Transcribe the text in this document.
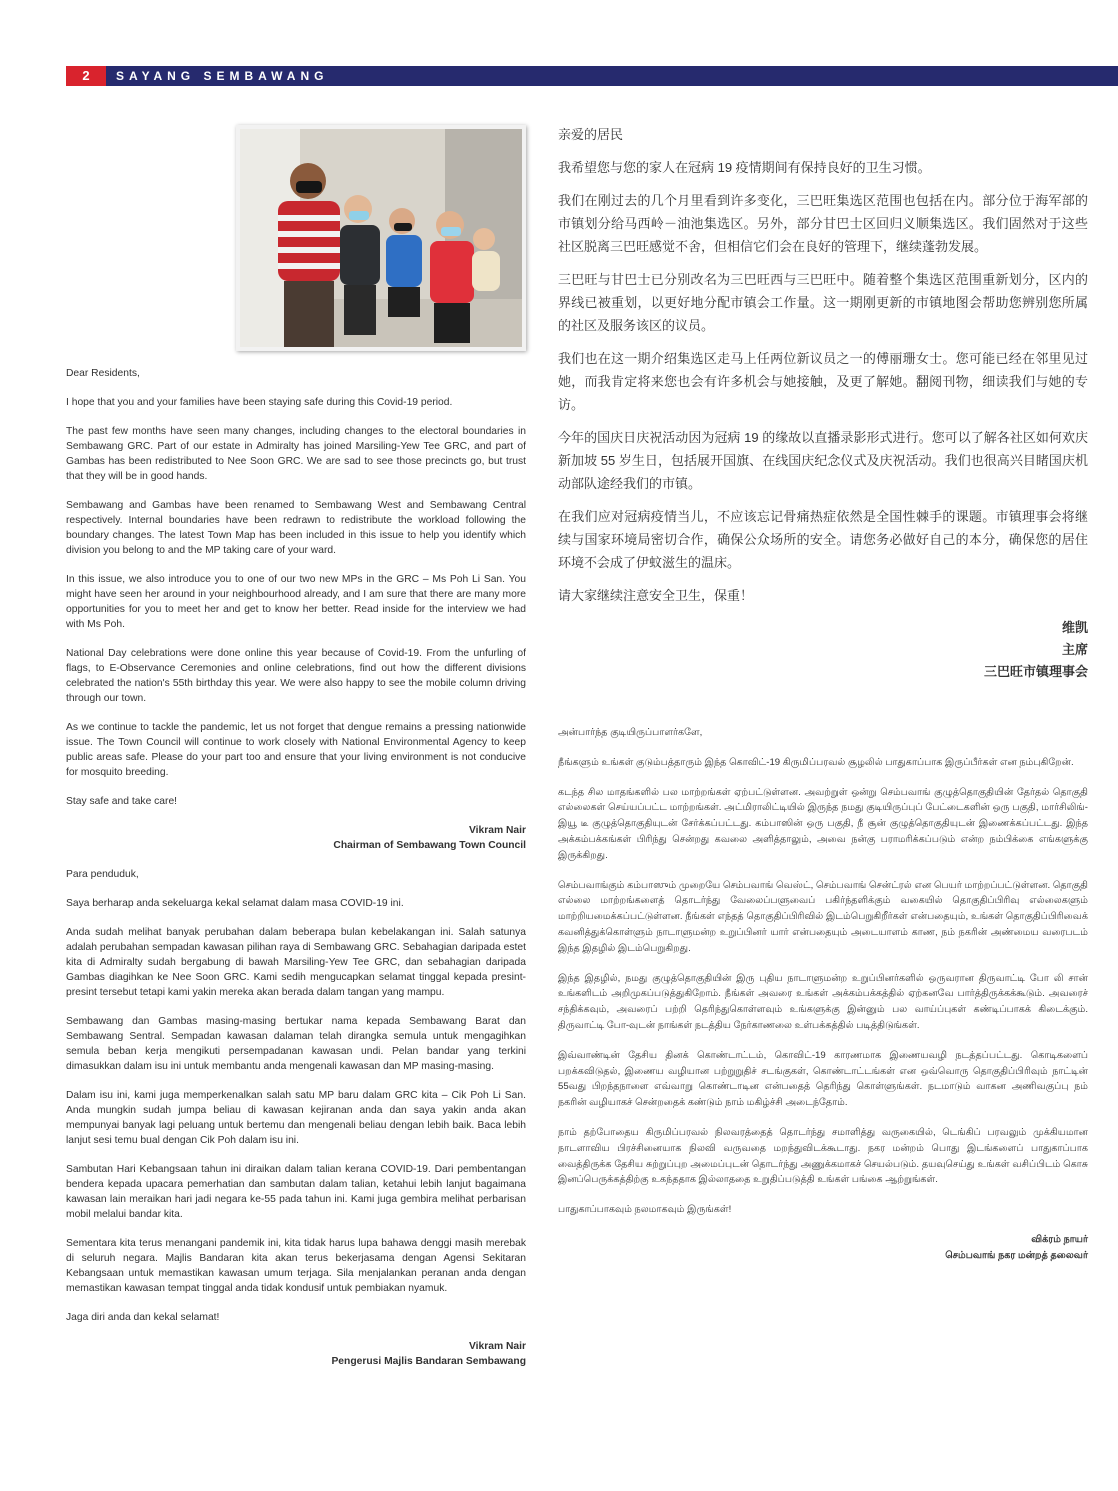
2	SAYANG SEMBAWANG

Dear Residents,

I hope that you and your families have been staying safe during this Covid-19 period.

The past few months have seen many changes, including changes to the electoral boundaries in Sembawang GRC. Part of our estate in Admiralty has joined Marsiling-Yew Tee GRC, and part of Gambas has been redistributed to Nee Soon GRC. We are sad to see those precincts go, but trust that they will be in good hands.

Sembawang and Gambas have been renamed to Sembawang West and Sembawang Central respectively. Internal boundaries have been redrawn to redistribute the workload following the boundary changes. The latest Town Map has been included in this issue to help you identify which division you belong to and the MP taking care of your ward.

In this issue, we also introduce you to one of our two new MPs in the GRC – Ms Poh Li San. You might have seen her around in your neighbourhood already, and I am sure that there are many more opportunities for you to meet her and get to know her better. Read inside for the interview we had with Ms Poh.

National Day celebrations were done online this year because of Covid-19. From the unfurling of flags, to E-Observance Ceremonies and online celebrations, find out how the different divisions celebrated the nation's 55th birthday this year. We were also happy to see the mobile column driving through our town.

As we continue to tackle the pandemic, let us not forget that dengue remains a pressing nationwide issue. The Town Council will continue to work closely with National Environmental Agency to keep public areas safe. Please do your part too and ensure that your living environment is not conducive for mosquito breeding.

Stay safe and take care!

Vikram Nair
Chairman of Sembawang Town Council

Para penduduk,

Saya berharap anda sekeluarga kekal selamat dalam masa COVID-19 ini.

Anda sudah melihat banyak perubahan dalam beberapa bulan kebelakangan ini. Salah satunya adalah perubahan sempadan kawasan pilihan raya di Sembawang GRC. Sebahagian daripada estet kita di Admiralty sudah bergabung di bawah Marsiling-Yew Tee GRC, dan sebahagian daripada Gambas diagihkan ke Nee Soon GRC. Kami sedih mengucapkan selamat tinggal kepada presint-presint tersebut tetapi kami yakin mereka akan berada dalam tangan yang mampu.

Sembawang dan Gambas masing-masing bertukar nama kepada Sembawang Barat dan Sembawang Sentral. Sempadan kawasan dalaman telah dirangka semula untuk mengagihkan semula beban kerja mengikuti persempadanan kawasan undi. Pelan bandar yang terkini dimasukkan dalam isu ini untuk membantu anda mengenali kawasan dan MP masing-masing.

Dalam isu ini, kami juga memperkenalkan salah satu MP baru dalam GRC kita – Cik Poh Li San. Anda mungkin sudah jumpa beliau di kawasan kejiranan anda dan saya yakin anda akan mempunyai banyak lagi peluang untuk bertemu dan mengenali beliau dengan lebih baik. Baca lebih lanjut sesi temu bual dengan Cik Poh dalam isu ini.

Sambutan Hari Kebangsaan tahun ini diraikan dalam talian kerana COVID-19. Dari pembentangan bendera kepada upacara pemerhatian dan sambutan dalam talian, ketahui lebih lanjut bagaimana kawasan lain meraikan hari jadi negara ke-55 pada tahun ini. Kami juga gembira melihat perbarisan mobil melalui bandar kita.

Sementara kita terus menangani pandemik ini, kita tidak harus lupa bahawa denggi masih merebak di seluruh negara. Majlis Bandaran kita akan terus bekerjasama dengan Agensi Sekitaran Kebangsaan untuk memastikan kawasan umum terjaga. Sila menjalankan peranan anda dengan memastikan kawasan tempat tinggal anda tidak kondusif untuk pembiakan nyamuk.

Jaga diri anda dan kekal selamat!

Vikram Nair
Pengerusi Majlis Bandaran Sembawang

亲爱的居民

我希望您与您的家人在冠病 19 疫情期间有保持良好的卫生习惯。

我们在刚过去的几个月里看到许多变化，三巴旺集选区范围也包括在内。部分位于海军部的市镇划分给马西岭－油池集选区。另外，部分甘巴士区回归义顺集选区。我们固然对于这些社区脱离三巴旺感觉不舍，但相信它们会在良好的管理下，继续蓬勃发展。

三巴旺与甘巴士已分别改名为三巴旺西与三巴旺中。随着整个集选区范围重新划分，区内的界线已被重划，以更好地分配市镇会工作量。这一期刚更新的市镇地图会帮助您辨别您所属的社区及服务该区的议员。

我们也在这一期介绍集选区走马上任两位新议员之一的傅丽珊女士。您可能已经在邻里见过她，而我肯定将来您也会有许多机会与她接触，及更了解她。翻阅刊物，细读我们与她的专访。

今年的国庆日庆祝活动因为冠病 19 的缘故以直播录影形式进行。您可以了解各社区如何欢庆新加坡 55 岁生日，包括展开国旗、在线国庆纪念仪式及庆祝活动。我们也很高兴目睹国庆机动部队途经我们的市镇。

在我们应对冠病疫情当儿，不应该忘记骨痛热症依然是全国性棘手的课题。市镇理事会将继续与国家环境局密切合作，确保公众场所的安全。请您务必做好自己的本分，确保您的居住环境不会成了伊蚊滋生的温床。

请大家继续注意安全卫生，保重！

维凯
主席
三巴旺市镇理事会

அன்பார்ந்த குடியிருப்பாளர்களே,

நீங்களும் உங்கள் குடும்பத்தாரும் இந்த கொவிட்-19 கிருமிப்பரவல் சூழலில் பாதுகாப்பாக இருப்பீர்கள் என நம்புகிறேன்.

கடந்த சில மாதங்களில் பல மாற்றங்கள் ஏற்பட்டுள்ளன. அவற்றுள் ஒன்று செம்பவாங் குழுத்தொகுதியின் தேர்தல் தொகுதி எல்லைகள் செய்யப்பட்ட மாற்றங்கள். அட்மிராலிட்டியில் இருந்த நமது குடியிருப்புப் பேட்டைகளின் ஒரு பகுதி, மார்சிலிங்-இயூ டீ குழுத்தொகுதியுடன் சேர்க்கப்பட்டது. கம்பாஸின் ஒரு பகுதி, நீ சூன் குழுத்தொகுதியுடன் இணைக்கப்பட்டது. இந்த அக்கம்பக்கங்கள் பிரிந்து சென்றது கவலை அளித்தாலும், அவை நன்கு பராமரிக்கப்படும் என்ற நம்பிக்கை எங்களுக்கு இருக்கிறது.

செம்பவாங்கும் கம்பாஸும் முறையே செம்பவாங் வெஸ்ட், செம்பவாங் சென்ட்ரல் என பெயர் மாற்றப்பட்டுள்ளன. தொகுதி எல்லை மாற்றங்களைத் தொடர்ந்து வேலைப்பளுவைப் பகிர்ந்தளிக்கும் வகையில் தொகுதிப்பிரிவு எல்லைகளும் மாற்றியமைக்கப்பட்டுள்ளன. நீங்கள் எந்தத் தொகுதிப்பிரிவில் இடம்பெறுகிறீர்கள் என்பதையும், உங்கள் தொகுதிப்பிரிவைக் கவனித்துக்கொள்ளும் நாடாளுமன்ற உறுப்பினர் யார் என்பதையும் அடையாளம் காண, நம் நகரின் அண்மைய வரைபடம் இந்த இதழில் இடம்பெறுகிறது.

இந்த இதழில், நமது குழுத்தொகுதியின் இரு புதிய நாடாளுமன்ற உறுப்பினர்களில் ஒருவரான திருவாட்டி போ லி சான் உங்களிடம் அறிமுகப்படுத்துகிறோம். நீங்கள் அவரை உங்கள் அக்கம்பக்கத்தில் ஏற்கனவே பார்த்திருக்கக்கூடும். அவரைச் சந்திக்கவும், அவரைப் பற்றி தெரிந்துகொள்ளவும் உங்களுக்கு இன்னும் பல வாய்ப்புகள் கண்டிப்பாகக் கிடைக்கும். திருவாட்டி போ-வுடன் நாங்கள் நடத்திய நேர்காணலை உள்பக்கத்தில் படித்திடுங்கள்.

இவ்வாண்டின் தேசிய தினக் கொண்டாட்டம், கொவிட்-19 காரணமாக இணையவழி நடத்தப்பட்டது. கொடிகளைப் பறக்கவிடுதல், இணைய வழியான பற்றுறுதிச் சடங்குகள், கொண்டாட்டங்கள் என ஒவ்வொரு தொகுதிப்பிரிவும் நாட்டின் 55வது பிறந்தநாளை எவ்வாறு கொண்டாடின என்பதைத் தெரிந்து கொள்ளுங்கள். நடமாடும் வாகன அணிவகுப்பு நம் நகரின் வழியாகச் சென்றதைக் கண்டும் நாம் மகிழ்ச்சி அடைந்தோம்.

நாம் தற்போதைய கிருமிப்பரவல் நிலவரத்தைத் தொடர்ந்து சமாளித்து வருகையில், டெங்கிப் பரவலும் முக்கியமான நாடளாவிய பிரச்சினையாக நிலவி வருவதை மறந்துவிடக்கூடாது. நகர மன்றம் பொது இடங்களைப் பாதுகாப்பாக வைத்திருக்க தேசிய சுற்றுப்புற அமைப்புடன் தொடர்ந்து அணுக்கமாகச் செயல்படும். தயவுசெய்து உங்கள் வசிப்பிடம் கொசு இனப்பெருக்கத்திற்கு உகந்ததாக இல்லாததை உறுதிப்படுத்தி உங்கள் பங்கை ஆற்றுங்கள்.

பாதுகாப்பாகவும் நலமாகவும் இருங்கள்!

விக்ரம் நாயர்
செம்பவாங் நகர மன்றத் தலைவர்
